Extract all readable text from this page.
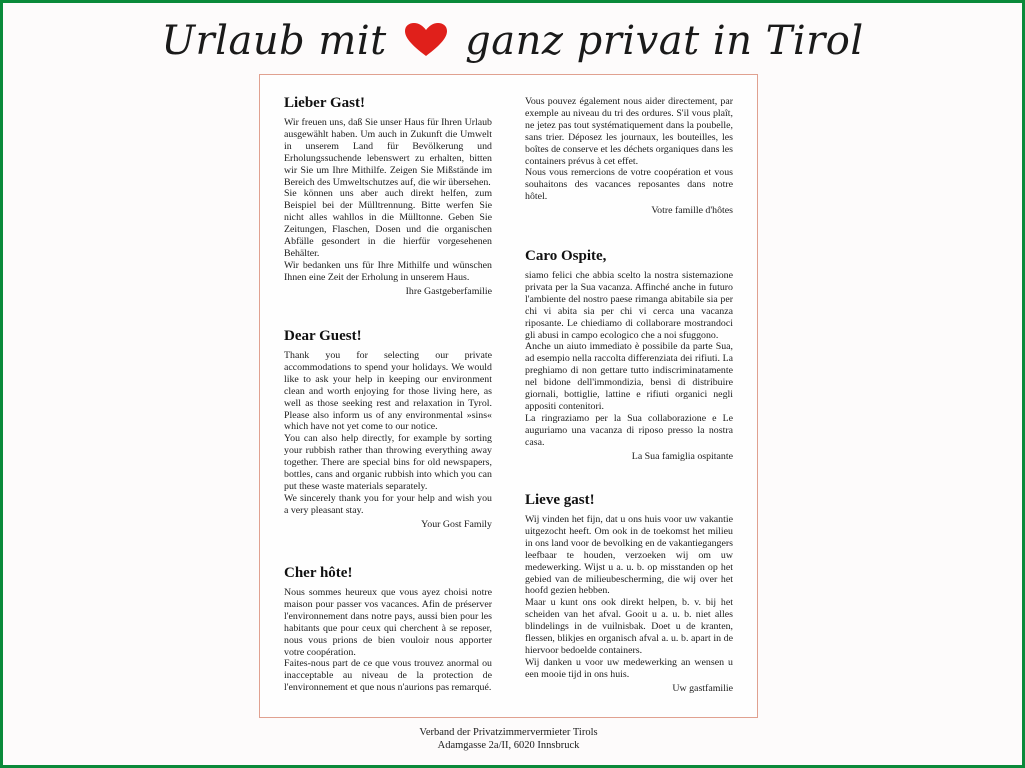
Urlaub mit ganz privat in Tirol
Lieber Gast!

Wir freuen uns, daß Sie unser Haus für Ihren Urlaub ausgewählt haben. Um auch in Zukunft die Umwelt in unserem Land für Bevölkerung und Erholungssuchende lebenswert zu erhalten, bitten wir Sie um Ihre Mithilfe. Zeigen Sie Mißstände im Bereich des Umweltschutzes auf, die wir übersehen.

Sie können uns aber auch direkt helfen, zum Beispiel bei der Mülltrennung. Bitte werfen Sie nicht alles wahllos in die Mülltonne. Geben Sie Zeitungen, Flaschen, Dosen und die organischen Abfälle gesondert in die hierfür vorgesehenen Behälter.

Wir bedanken uns für Ihre Mithilfe und wünschen Ihnen eine Zeit der Erholung in unserem Haus.

Ihre Gastgeberfamilie
Dear Guest!

Thank you for selecting our private accommodations to spend your holidays. We would like to ask your help in keeping our environment clean and worth enjoying for those living here, as well as those seeking rest and relaxation in Tyrol. Please also inform us of any environmental »sins« which have not yet come to our notice.

You can also help directly, for example by sorting your rubbish rather than throwing everything away together. There are special bins for old newspapers, bottles, cans and organic rubbish into which you can put these waste materials separately.

We sincerely thank you for your help and wish you a very pleasant stay.

Your Gost Family
Cher hôte!

Nous sommes heureux que vous ayez choisi notre maison pour passer vos vacances. Afin de préserver l'environnement dans notre pays, aussi bien pour les habitants que pour ceux qui cherchent à se reposer, nous vous prions de bien vouloir nous apporter votre coopération.

Faites-nous part de ce que vous trouvez anormal ou inacceptable au niveau de la protection de l'environnement et que nous n'aurions pas remarqué.

Vous pouvez également nous aider directement, par exemple au niveau du tri des ordures. S'il vous plaît, ne jetez pas tout systématiquement dans la poubelle, sans trier. Déposez les journaux, les bouteilles, les boîtes de conserve et les déchets organiques dans les containers prévus à cet effet.

Nous vous remercions de votre coopération et vous souhaitons des vacances reposantes dans notre hôtel.

Votre famille d'hôtes
Caro Ospite,

siamo felici che abbia scelto la nostra sistemazione privata per la Sua vacanza. Affinché anche in futuro l'ambiente del nostro paese rimanga abitabile sia per chi vi abita sia per chi vi cerca una vacanza riposante. Le chiediamo di collaborare mostrandoci gli abusi in campo ecologico che a noi sfuggono.

Anche un aiuto immediato è possibile da parte Sua, ad esempio nella raccolta differenziata dei rifiuti. La preghiamo di non gettare tutto indiscriminatamente nel bidone dell'immondizia, bensì di distribuire giornali, bottiglie, lattine e rifiuti organici negli appositi contenitori.

La ringraziamo per la Sua collaborazione e Le auguriamo una vacanza di riposo presso la nostra casa.

La Sua famiglia ospitante
Lieve gast!

Wij vinden het fijn, dat u ons huis voor uw vakantie uitgezocht heeft. Om ook in de toekomst het milieu in ons land voor de bevolking en de vakantiegangers leefbaar te houden, verzoeken wij om uw medewerking. Wijst u a. u. b. op misstanden op het gebied van de milieubescherming, die wij over het hoofd gezien hebben.

Maar u kunt ons ook direkt helpen, b. v. bij het scheiden van het afval. Gooit u a. u. b. niet alles blindelings in de vuilnisbak. Doet u de kranten, flessen, blikjes en organisch afval a. u. b. apart in de hiervoor bedoelde containers.

Wij danken u voor uw medewerking an wensen u een mooie tijd in ons huis.

Uw gastfamilie
Verband der Privatzimmervermieter Tirols
Adamgasse 2a/II, 6020 Innsbruck
